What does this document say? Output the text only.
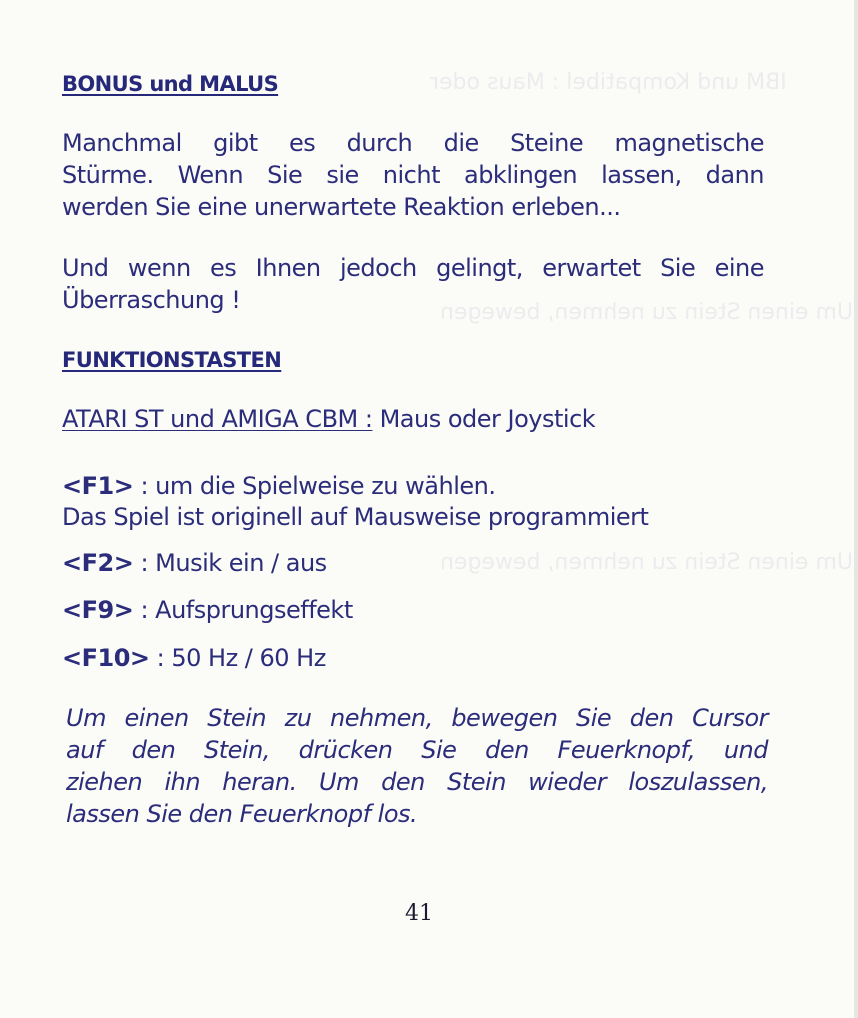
IBM und Kompatibel : Maus oder
Um einen Stein zu nehmen, bewegen
Um einen Stein zu nehmen, bewegen
BONUS und MALUS
Manchmal gibt es durch die Steine magnetische
Stürme. Wenn Sie sie nicht abklingen lassen, dann
werden Sie eine unerwartete Reaktion erleben...
Und wenn es Ihnen jedoch gelingt, erwartet Sie eine
Überraschung !
FUNKTIONSTASTEN
ATARI ST und AMIGA CBM : Maus oder Joystick
<F1> : um die Spielweise zu wählen.
Das Spiel ist originell auf Mausweise programmiert
<F2> : Musik ein / aus
<F9> : Aufsprungseffekt
<F10> : 50 Hz / 60 Hz
Um einen Stein zu nehmen, bewegen Sie den Cursor
auf den Stein, drücken Sie den Feuerknopf, und
ziehen ihn heran. Um den Stein wieder loszulassen,
lassen Sie den Feuerknopf los.
41
